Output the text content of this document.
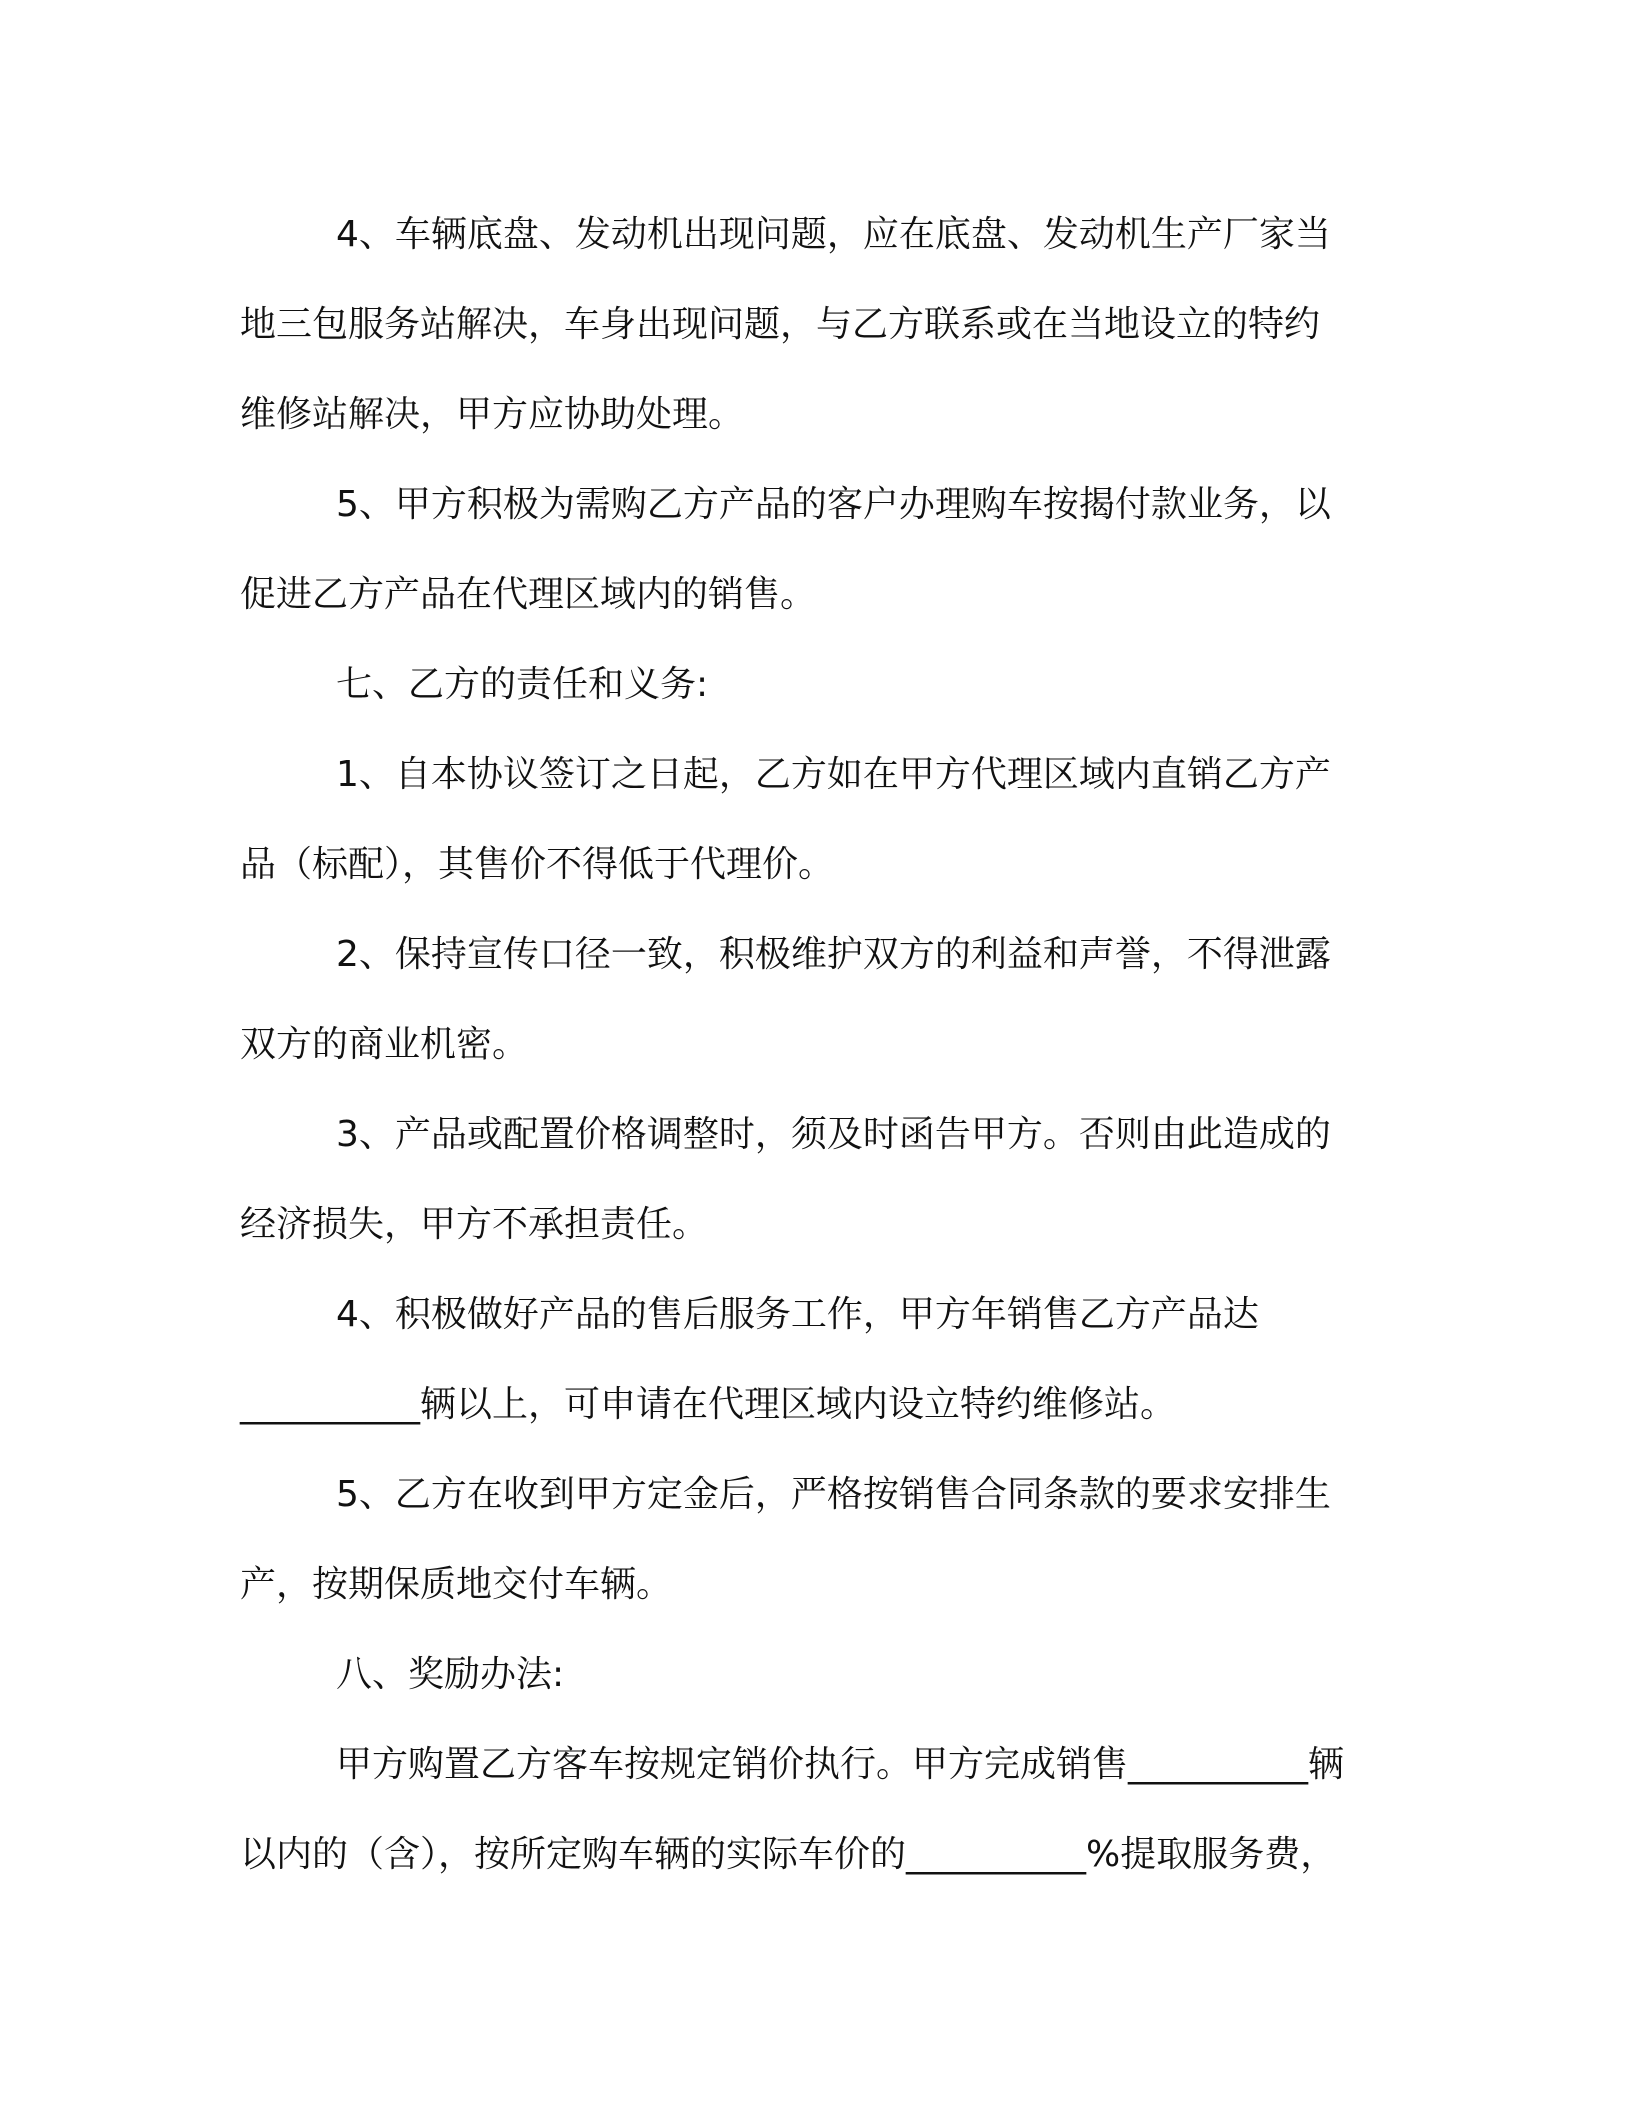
4、车辆底盘、发动机出现问题，应在底盘、发动机生产厂家当
地三包服务站解决，车身出现问题，与乙方联系或在当地设立的特约
维修站解决，甲方应协助处理。
5、甲方积极为需购乙方产品的客户办理购车按揭付款业务，以
促进乙方产品在代理区域内的销售。
七、乙方的责任和义务:
1、自本协议签订之日起，乙方如在甲方代理区域内直销乙方产
品（标配），其售价不得低于代理价。
2、保持宣传口径一致，积极维护双方的利益和声誉，不得泄露
双方的商业机密。
3、产品或配置价格调整时，须及时函告甲方。否则由此造成的
经济损失，甲方不承担责任。
4、积极做好产品的售后服务工作，甲方年销售乙方产品达
__________辆以上，可申请在代理区域内设立特约维修站。
5、乙方在收到甲方定金后，严格按销售合同条款的要求安排生
产，按期保质地交付车辆。
八、奖励办法:
甲方购置乙方客车按规定销价执行。甲方完成销售__________辆
以内的（含），按所定购车辆的实际车价的__________%提取服务费，
